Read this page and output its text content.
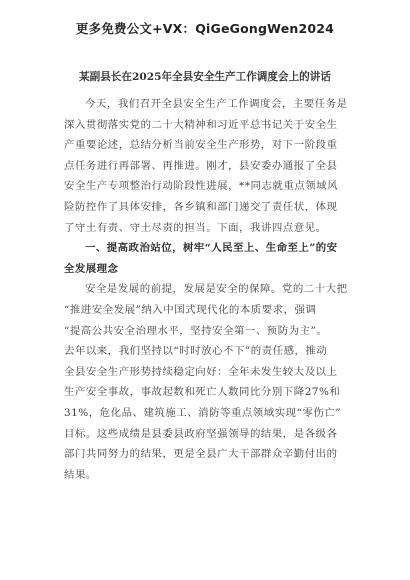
更多免费公文+VX：QiGeGongWen2024
某副县长在2025年全县安全生产工作调度会上的讲话
今天，我们召开全县安全生产工作调度会，主要任务是
深入贯彻落实党的二十大精神和习近平总书记关于安全生
产重要论述，总结分析当前安全生产形势，对下一阶段重
点任务进行再部署、再推进。刚才，县安委办通报了全县
安全生产专项整治行动阶段性进展，**同志就重点领域风
险防控作了具体安排，各乡镇和部门递交了责任状，体现
了守土有责、守土尽责的担当。下面，我讲四点意见。
一、提高政治站位，树牢“人民至上、生命至上”的安
全发展理念
安全是发展的前提，发展是安全的保障。党的二十大把
“推进安全发展”纳入中国式现代化的本质要求，强调
“提高公共安全治理水平，坚持安全第一、预防为主”。
去年以来，我们坚持以“时时放心不下”的责任感，推动
全县安全生产形势持续稳定向好：全年未发生较大及以上
生产安全事故，事故起数和死亡人数同比分别下降27%和
31%，危化品、建筑施工、消防等重点领域实现“零伤亡”
目标。这些成绩是县委县政府坚强领导的结果，是各级各
部门共同努力的结果，更是全县广大干部群众辛勤付出的
结果。
